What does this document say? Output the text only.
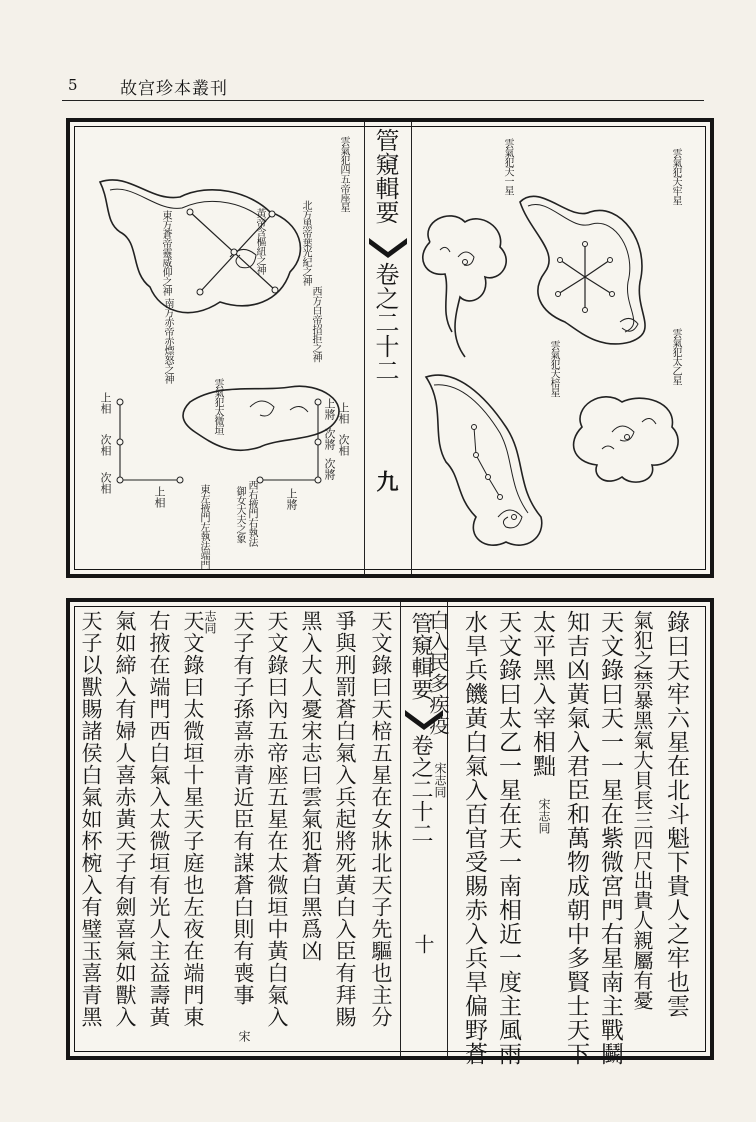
5 故宫珍本叢刊
管窺輯要
卷之二十二
九
雲氣犯天牢星
雲氣犯天一星
雲氣犯太乙星
雲氣犯天棓星
雲氣犯四五帝座星
雲氣犯太微垣
東方蒼帝靈威仰之神	黃帝含樞紐之神	北方黑帝葉光紀之神
西方白帝招拒之神
南方赤帝赤熛怒之神
上相
次相
次相
上相	東左掖門左執法端門	西右掖門右執法
御女大夫之象	上將
次將
次將
上將 上相
次相
管窺輯要
卷之二十二
十	錄曰天牢六星在北斗魁下貴人之牢也雲
氣犯之禁暴黑氣大貝長三四尺出貴人親屬有憂
天文錄曰天一一星在紫微宮門右星南主戰鬬
知吉凶黃氣入君臣和萬物成朝中多賢士天下
太平黑入宰相黜
宋志同
天文錄曰太乙一星在天一南相近一度主風雨
水旱兵饑黃白氣入百官受賜赤入兵旱偏野蒼
白入民多疾疫
宋志同
天文錄曰天棓五星在女牀北天子先驅也主分
爭與刑罰蒼白氣入兵起將死黃白入臣有拜賜
黑入大人憂宋志曰雲氣犯蒼白黑爲凶
天文錄曰內五帝座五星在太微垣中黃白氣入
天子有子孫喜赤青近臣有謀蒼白則有喪事
志同
宋
天文錄曰太微垣十星天子庭也左夜在端門東
右掖在端門西白氣入太微垣有光人主益壽黃
氣如締入有婦人喜赤黃天子有劍喜氣如獸入
天子以獸賜諸侯白氣如杯椀入有璧玉喜青黑
